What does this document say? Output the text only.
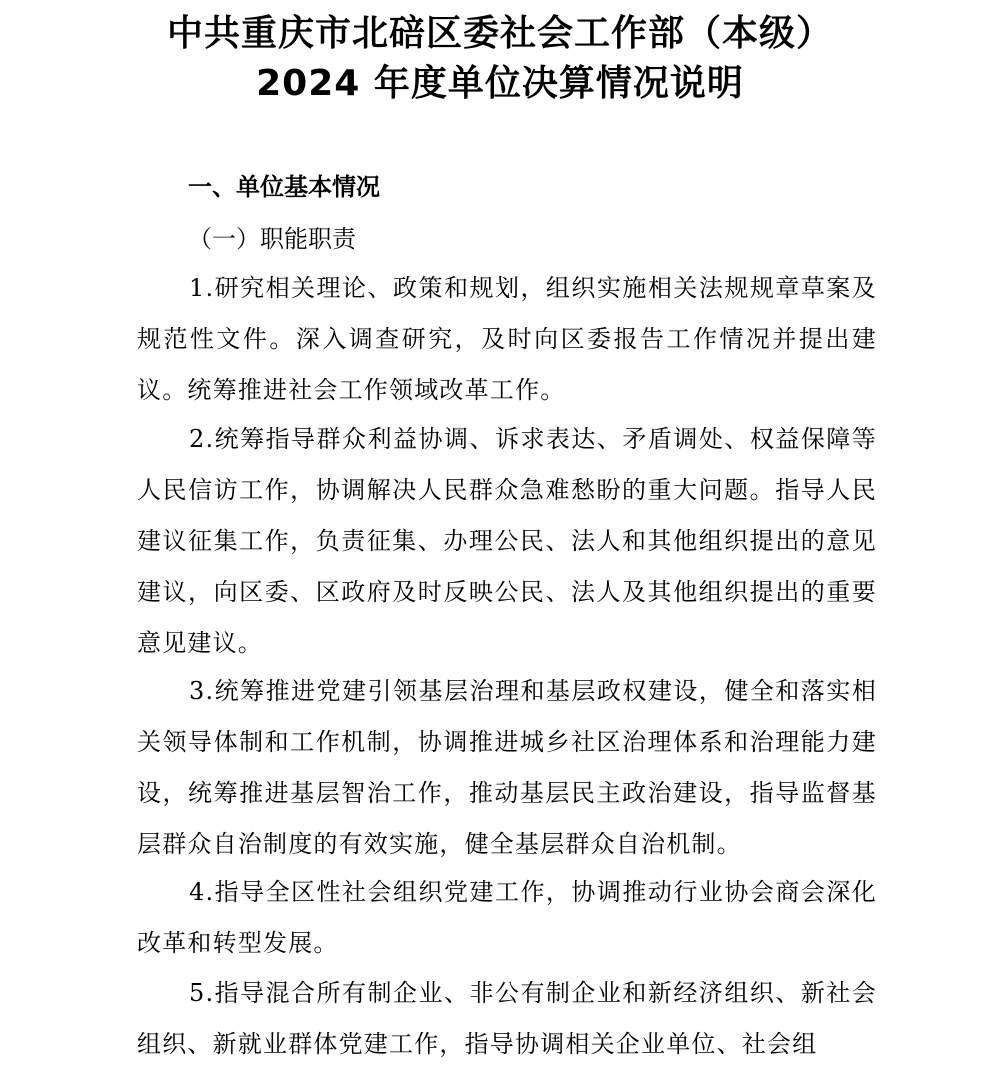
中共重庆市北碚区委社会工作部（本级）
2024 年度单位决算情况说明
一、单位基本情况
（一）职能职责

1.研究相关理论、政策和规划，组织实施相关法规规章草案及规范性文件。深入调查研究，及时向区委报告工作情况并提出建议。统筹推进社会工作领域改革工作。

2.统筹指导群众利益协调、诉求表达、矛盾调处、权益保障等人民信访工作，协调解决人民群众急难愁盼的重大问题。指导人民建议征集工作，负责征集、办理公民、法人和其他组织提出的意见建议，向区委、区政府及时反映公民、法人及其他组织提出的重要意见建议。

3.统筹推进党建引领基层治理和基层政权建设，健全和落实相关领导体制和工作机制，协调推进城乡社区治理体系和治理能力建设，统筹推进基层智治工作，推动基层民主政治建设，指导监督基层群众自治制度的有效实施，健全基层群众自治机制。

4.指导全区性社会组织党建工作，协调推动行业协会商会深化改革和转型发展。

5.指导混合所有制企业、非公有制企业和新经济组织、新社会组织、新就业群体党建工作，指导协调相关企业单位、社会组
